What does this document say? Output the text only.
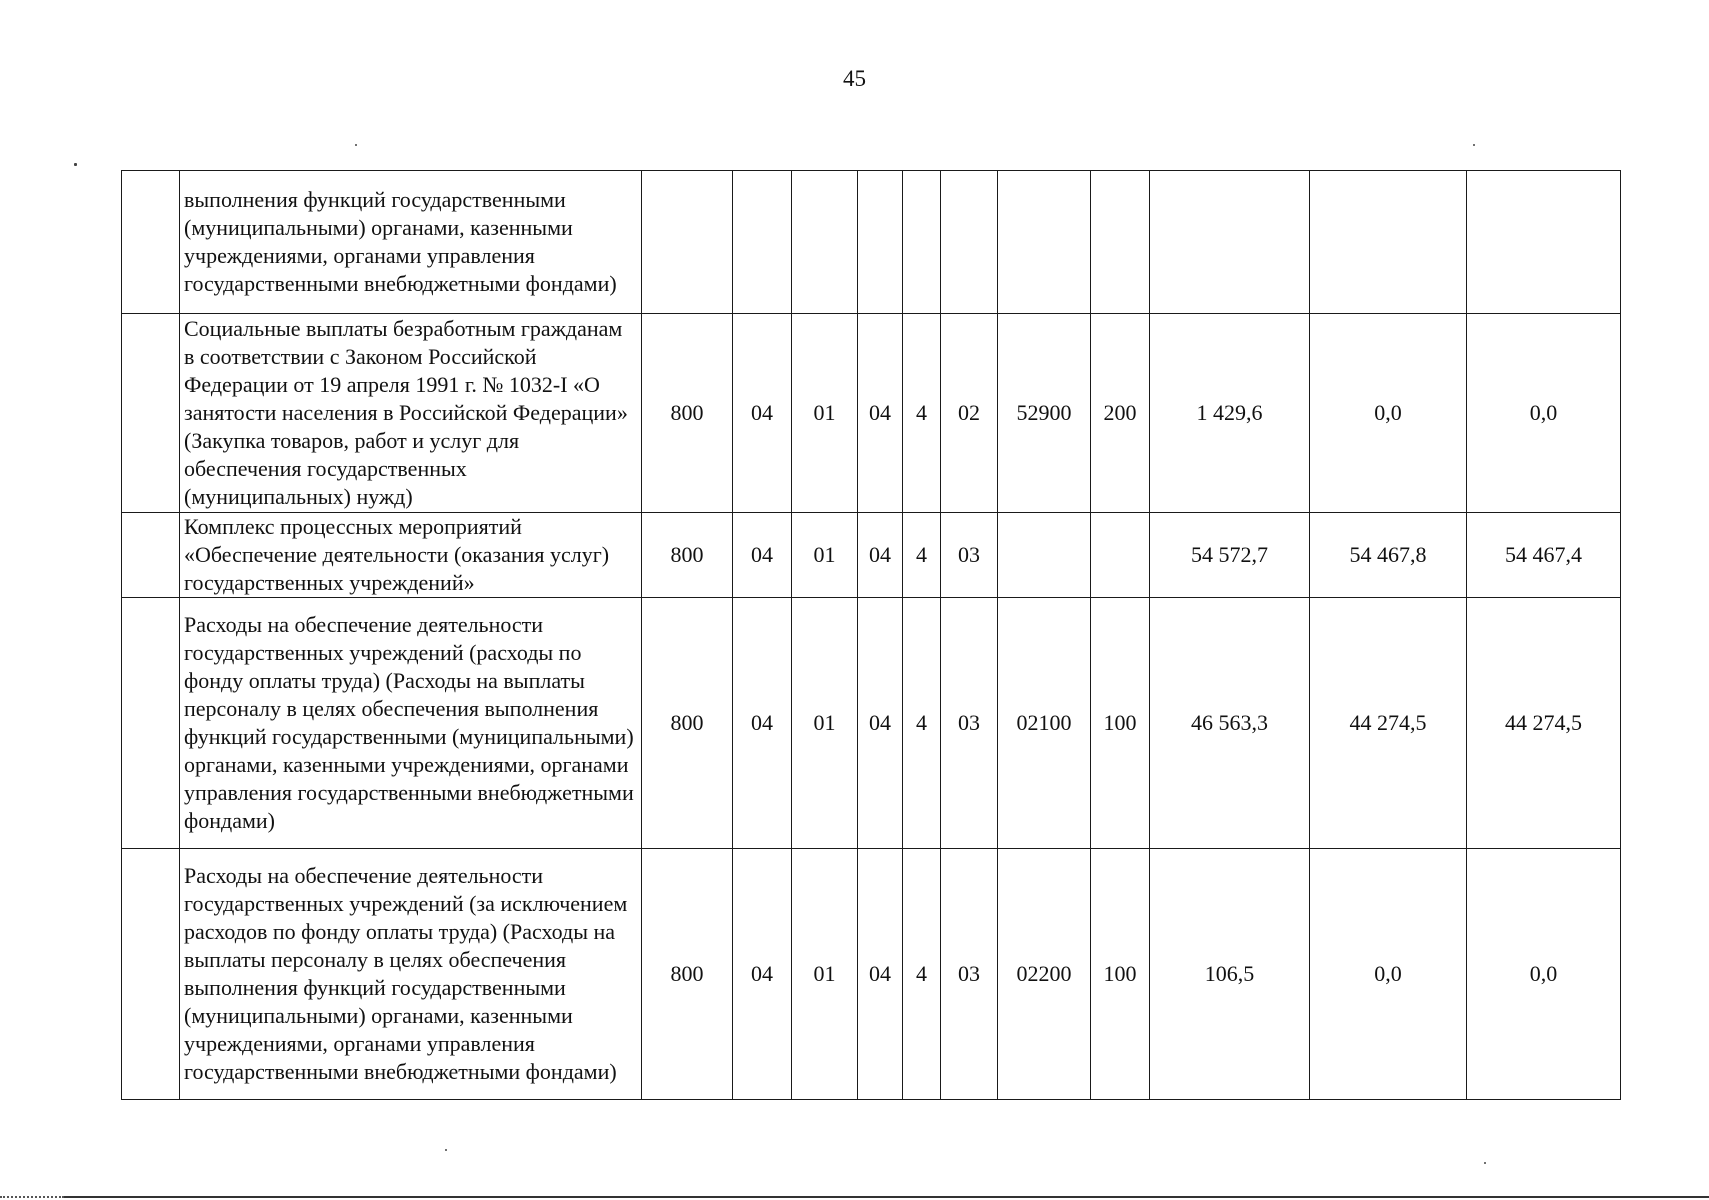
45
	выполнения функций государственными (муниципальными) органами, казенными учреждениями, органами управления государственными внебюджетными фондами)											
	Социальные выплаты безработным гражданам в соответствии с Законом Российской Федерации от 19 апреля 1991 г. № 1032-I «О занятости населения в Российской Федерации» (Закупка товаров, работ и услуг для обеспечения государственных (муниципальных) нужд)	800	04	01	04	4	02	52900	200	1 429,6	0,0	0,0
	Комплекс процессных мероприятий «Обеспечение деятельности (оказания услуг) государственных учреждений»	800	04	01	04	4	03			54 572,7	54 467,8	54 467,4
	Расходы на обеспечение деятельности государственных учреждений (расходы по фонду оплаты труда) (Расходы на выплаты персоналу в целях обеспечения выполнения функций государственными (муниципальными) органами, казенными учреждениями, органами управления государственными внебюджетными фондами)	800	04	01	04	4	03	02100	100	46 563,3	44 274,5	44 274,5
	Расходы на обеспечение деятельности государственных учреждений (за исключением расходов по фонду оплаты труда) (Расходы на выплаты персоналу в целях обеспечения выполнения функций государственными (муниципальными) органами, казенными учреждениями, органами управления государственными внебюджетными фондами)	800	04	01	04	4	03	02200	100	106,5	0,0	0,0
